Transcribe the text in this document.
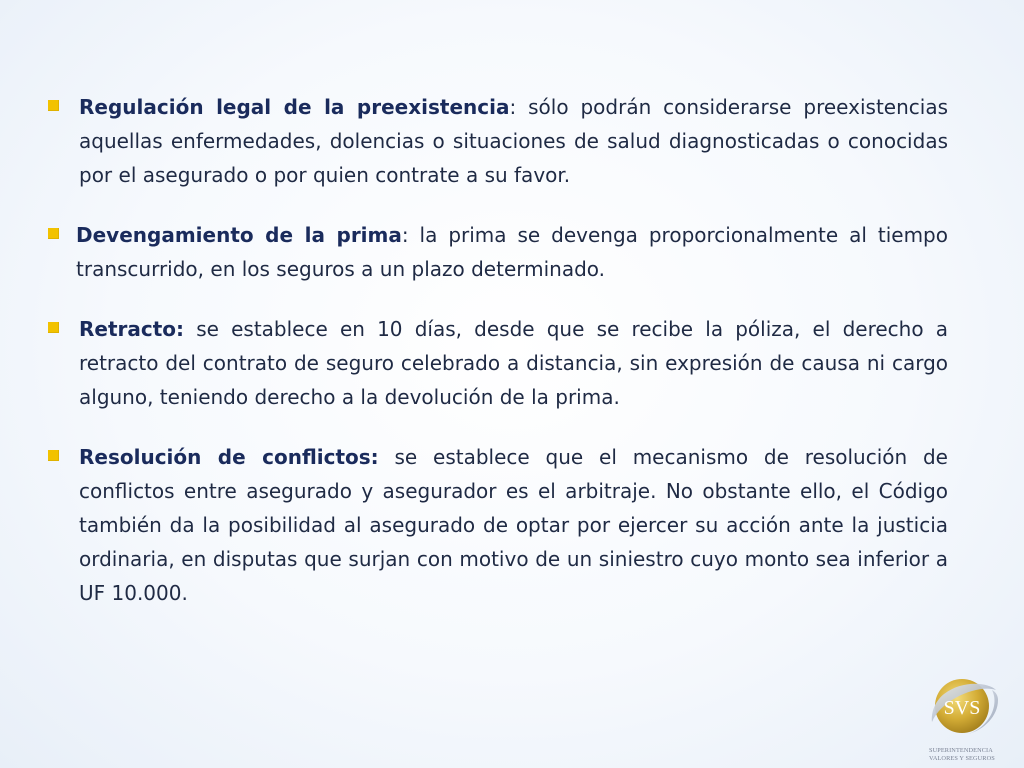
Regulación legal de la preexistencia: sólo podrán considerarse preexistencias aquellas enfermedades, dolencias o situaciones de salud diagnosticadas o conocidas por el asegurado o por quien contrate a su favor.
Devengamiento de la prima: la prima se devenga proporcionalmente al tiempo transcurrido, en los seguros a un plazo determinado.
Retracto: se establece en 10 días, desde que se recibe la póliza, el derecho a retracto del contrato de seguro celebrado a distancia, sin expresión de causa ni cargo alguno, teniendo derecho a la devolución de la prima.
Resolución de conflictos: se establece que el mecanismo de resolución de conflictos entre asegurado y asegurador es el arbitraje. No obstante ello, el Código también da la posibilidad al asegurado de optar por ejercer su acción ante la justicia ordinaria, en disputas que surjan con motivo de un siniestro cuyo monto sea inferior a UF 10.000.
SVS
SUPERINTENDENCIA
VALORES Y SEGUROS
